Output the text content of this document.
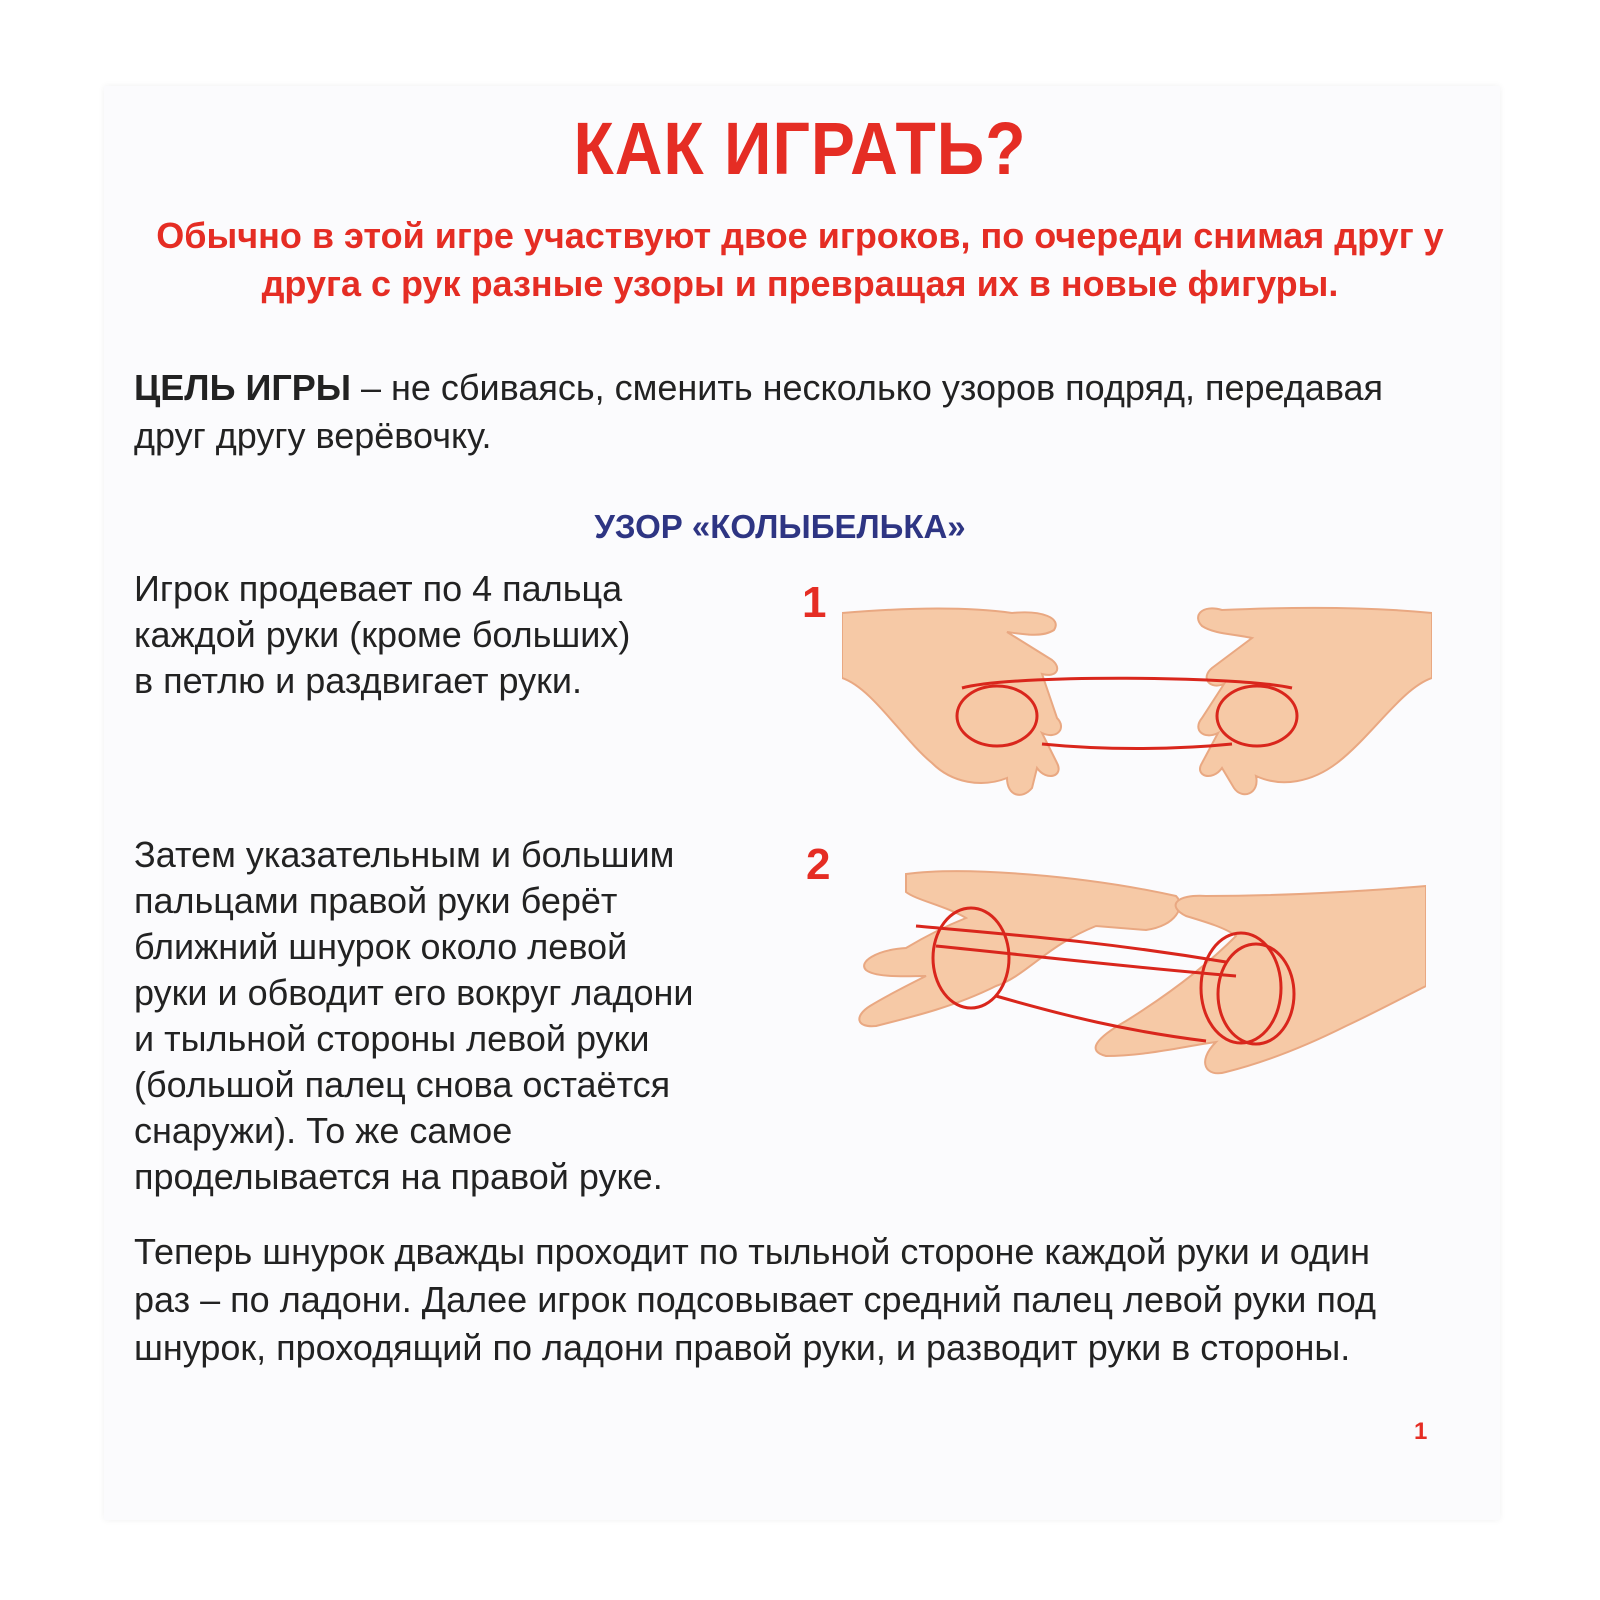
КАК ИГРАТЬ?
Обычно в этой игре участвуют двое игроков, по очереди снимая друг у друга с рук разные узоры и превращая их в новые фигуры.
ЦЕЛЬ ИГРЫ – не сбиваясь, сменить несколько узоров подряд, передавая друг другу верёвочку.
УЗОР «КОЛЫБЕЛЬКА»
Игрок продевает по 4 пальца
каждой руки (кроме больших)
в петлю и раздвигает руки.
1
Затем указательным и большим
пальцами правой руки берёт
ближний шнурок около левой
руки и обводит его вокруг ладони
и тыльной стороны левой руки
(большой палец снова остаётся
снаружи). То же самое
проделывается на правой руке.
2
Теперь шнурок дважды проходит по тыльной стороне каждой руки и один раз – по ладони. Далее игрок подсовывает средний палец левой руки под шнурок, проходящий по ладони правой руки, и разводит руки в стороны.
1
